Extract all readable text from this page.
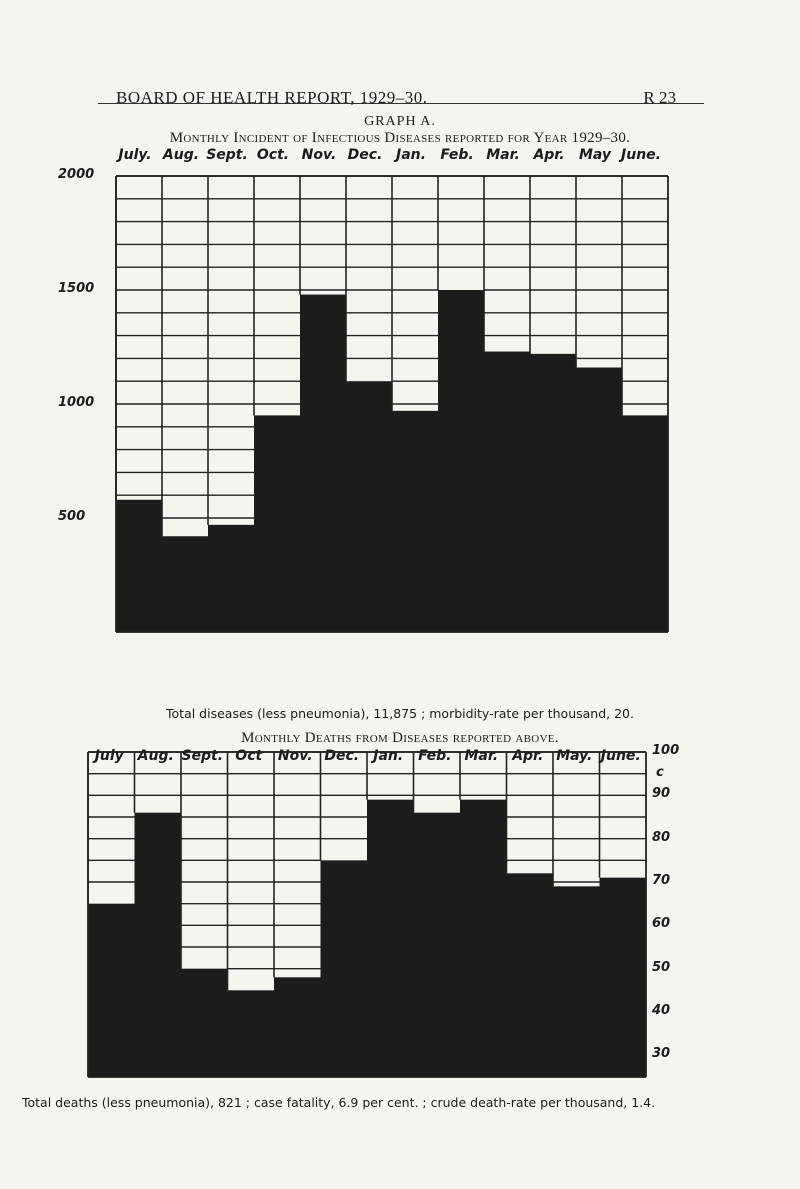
BOARD OF HEALTH REPORT, 1929–30.	R 23
GRAPH A.
Monthly Incident of Infectious Diseases reported for Year 1929–30.
Total diseases (less pneumonia), 11,875 ; morbidity-rate per thousand, 20.
Monthly Deaths from Diseases reported above.
Total deaths (less pneumonia), 821 ; case fatality, 6.9 per cent. ; crude death-rate per thousand, 1.4.
July. Aug. Sept. Oct. Nov. Dec. Jan. Feb. Mar. Apr. May June.
2000
1500
1000
500
July Aug. Sept. Oct Nov. Dec. Jan. Feb. Mar. Apr. May. June. 100
90
80
70
60
50
40
30
c
